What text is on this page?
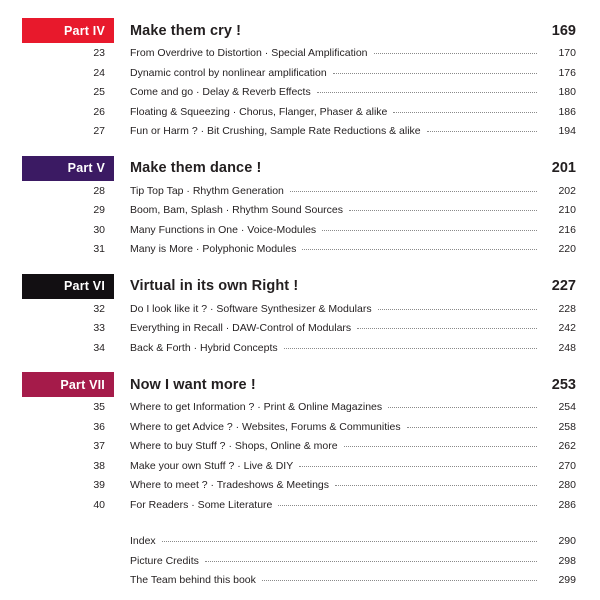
Part IV	Make them cry !	169
23	From Overdrive to Distortion · Special Amplification	170
24	Dynamic control by nonlinear amplification	176
25	Come and go · Delay & Reverb Effects	180
26	Floating & Squeezing · Chorus, Flanger, Phaser & alike	186
27	Fun or Harm ? · Bit Crushing, Sample Rate Reductions & alike	194
Part V	Make them dance !	201
28	Tip Top Tap · Rhythm Generation	202
29	Boom, Bam, Splash · Rhythm Sound Sources	210
30	Many Functions in One · Voice-Modules	216
31	Many is More · Polyphonic Modules	220
Part VI	Virtual in its own Right !	227
32	Do I look like it ? · Software Synthesizer & Modulars	228
33	Everything in Recall · DAW-Control of Modulars	242
34	Back & Forth · Hybrid Concepts	248
Part VII	Now I want more !	253
35	Where to get Information ? · Print & Online Magazines	254
36	Where to get Advice ? · Websites, Forums & Communities	258
37	Where to buy Stuff ? · Shops, Online & more	262
38	Make your own Stuff ? · Live & DIY	270
39	Where to meet ? · Tradeshows & Meetings	280
40	For Readers · Some Literature	286
Index	290
Picture Credits	298
The Team behind this book	299
